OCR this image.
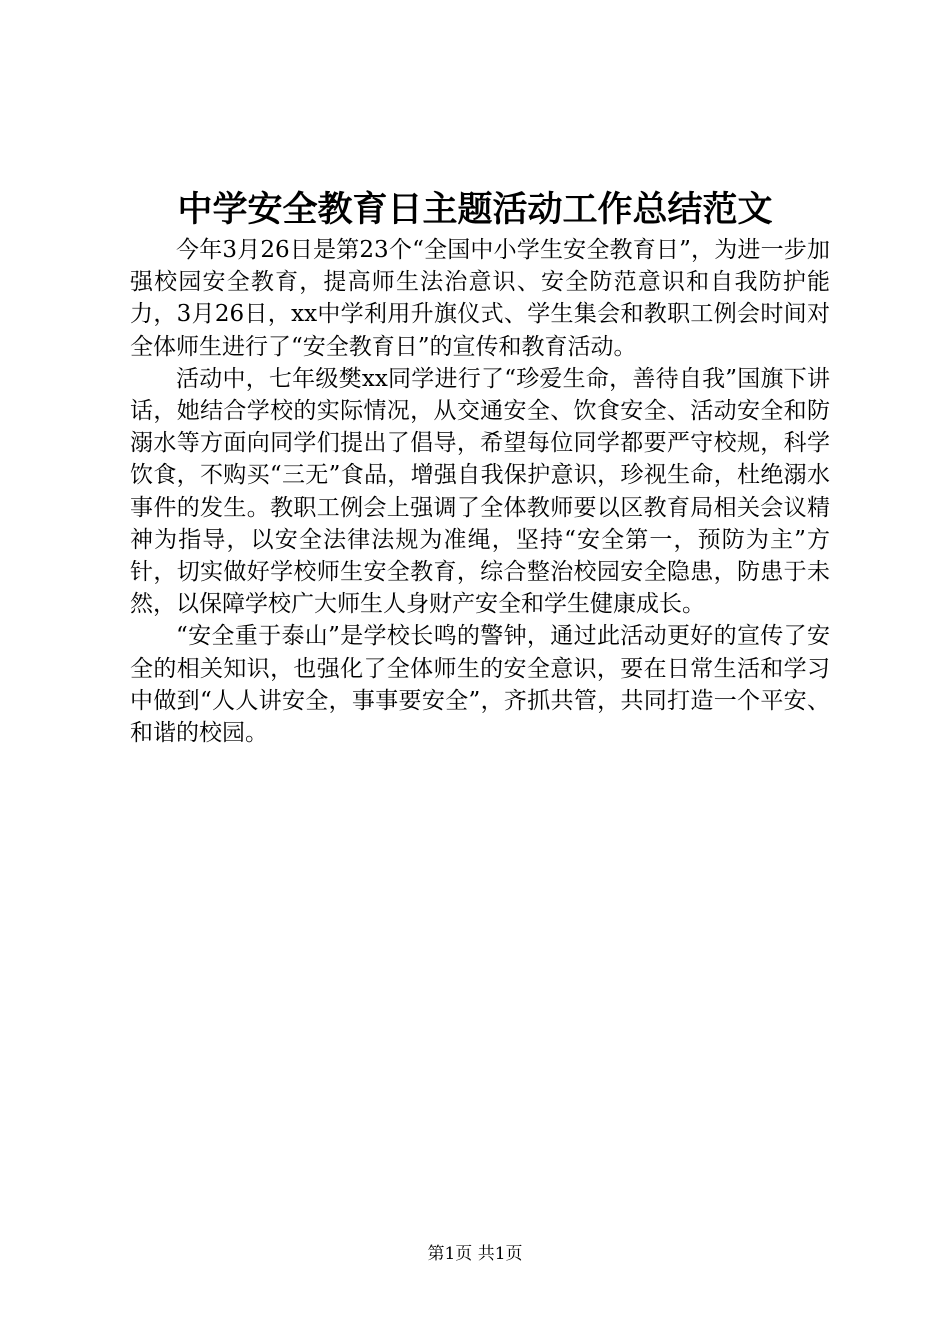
中学安全教育日主题活动工作总结范文

今年3月26日是第23个“全国中小学生安全教育日”，为进一步加强校园安全教育，提高师生法治意识、安全防范意识和自我防护能力，3月26日，xx中学利用升旗仪式、学生集会和教职工例会时间对全体师生进行了“安全教育日”的宣传和教育活动。

活动中，七年级樊xx同学进行了“珍爱生命，善待自我”国旗下讲话，她结合学校的实际情况，从交通安全、饮食安全、活动安全和防溺水等方面向同学们提出了倡导，希望每位同学都要严守校规，科学饮食，不购买“三无”食品，增强自我保护意识，珍视生命，杜绝溺水事件的发生。教职工例会上强调了全体教师要以区教育局相关会议精神为指导，以安全法律法规为准绳，坚持“安全第一，预防为主”方针，切实做好学校师生安全教育，综合整治校园安全隐患，防患于未然，以保障学校广大师生人身财产安全和学生健康成长。

“安全重于泰山”是学校长鸣的警钟，通过此活动更好的宣传了安全的相关知识，也强化了全体师生的安全意识，要在日常生活和学习中做到“人人讲安全，事事要安全”，齐抓共管，共同打造一个平安、和谐的校园。

第1页 共1页
